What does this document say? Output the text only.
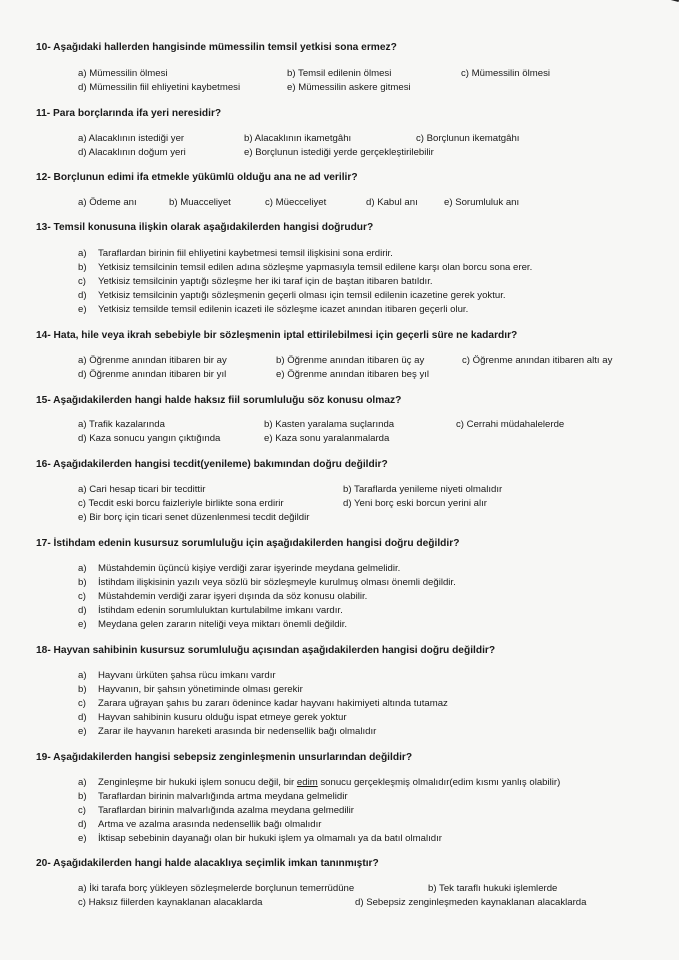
10- Aşağıdaki hallerden hangisinde mümessilin temsil yetkisi sona ermez?
a) Mümessilin ölmesi	b) Temsil edilenin ölmesi	c) Mümessilin ölmesi
d) Mümessilin fiil ehliyetini kaybetmesi	e) Mümessilin askere gitmesi
11- Para borçlarında ifa yeri neresidir?
a) Alacaklının istediği yer	b) Alacaklının ikametgâhı	c) Borçlunun ikematgâhı
d) Alacaklının doğum yeri	e) Borçlunun istediği yerde gerçekleştirilebilir
12- Borçlunun edimi ifa etmekle yükümlü olduğu ana ne ad verilir?
a) Ödeme anı	b) Muacceliyet	c) Müecceliyet	d) Kabul anı	e) Sorumluluk anı
13- Temsil konusuna ilişkin olarak aşağıdakilerden hangisi doğrudur?
a) Taraflardan birinin fiil ehliyetini kaybetmesi temsil ilişkisini sona erdirir.
b) Yetkisiz temsilcinin temsil edilen adına sözleşme yapmasıyla temsil edilene karşı olan borcu sona erer.
c) Yetkisiz temsilcinin yaptığı sözleşme her iki taraf için de baştan itibaren batıldır.
d) Yetkisiz temsilcinin yaptığı sözleşmenin geçerli olması için temsil edilenin icazetine gerek yoktur.
e) Yetkisiz temsilde temsil edilenin icazeti ile sözleşme icazet anından itibaren geçerli olur.
14- Hata, hile veya ikrah sebebiyle bir sözleşmenin iptal ettirilebilmesi için geçerli süre ne kadardır?
a) Öğrenme anından itibaren bir ay	b) Öğrenme anından itibaren üç ay	c) Öğrenme anından itibaren altı ay
d) Öğrenme anından itibaren bir yıl	e) Öğrenme anından itibaren beş yıl
15- Aşağıdakilerden hangi halde haksız fiil sorumluluğu söz konusu olmaz?
a) Trafik kazalarında	b) Kasten yaralama suçlarında	c) Cerrahi müdahalelerde
d) Kaza sonucu yangın çıktığında	e) Kaza sonu yaralanmalarda
16- Aşağıdakilerden hangisi tecdit(yenileme) bakımından doğru değildir?
a) Cari hesap ticari bir tecdittir	b) Taraflarda yenileme niyeti olmalıdır
c) Tecdit eski borcu faizleriyle birlikte sona erdirir	d) Yeni borç eski borcun yerini alır
e) Bir borç için ticari senet düzenlenmesi tecdit değildir
17- İstihdam edenin kusursuz sorumluluğu için aşağıdakilerden hangisi doğru değildir?
a) Müstahdemin üçüncü kişiye verdiği zarar işyerinde meydana gelmelidir.
b) İstihdam ilişkisinin yazılı veya sözlü bir sözleşmeyle kurulmuş olması önemli değildir.
c) Müstahdemin verdiği zarar işyeri dışında da söz konusu olabilir.
d) İstihdam edenin sorumluluktan kurtulabilme imkanı vardır.
e) Meydana gelen zararın niteliği veya miktarı önemli değildir.
18- Hayvan sahibinin kusursuz sorumluluğu açısından aşağıdakilerden hangisi doğru değildir?
a) Hayvanı ürküten şahsa rücu imkanı vardır
b) Hayvanın, bir şahsın yönetiminde olması gerekir
c) Zarara uğrayan şahıs bu zararı ödenince kadar hayvanı hakimiyeti altında tutamaz
d) Hayvan sahibinin kusuru olduğu ispat etmeye gerek yoktur
e) Zarar ile hayvanın hareketi arasında bir nedensellik bağı olmalıdır
19- Aşağıdakilerden hangisi sebepsiz zenginleşmenin unsurlarından değildir?
a) Zenginleşme bir hukuki işlem sonucu değil, bir edim sonucu gerçekleşmiş olmalıdır(edim kısmı yanlış olabilir)
b) Taraflardan birinin malvarlığında artma meydana gelmelidir
c) Taraflardan birinin malvarlığında azalma meydana gelmedilir
d) Artma ve azalma arasında nedensellik bağı olmalıdır
e) İktisap sebebinin dayanağı olan bir hukuki işlem ya olmamalı ya da batıl olmalıdır
20- Aşağıdakilerden hangi halde alacaklıya seçimlik imkan tanınmıştır?
a) İki tarafa borç yükleyen sözleşmelerde borçlunun temerrüdüne	b) Tek taraflı hukuki işlemlerde
c) Haksız fiilerden kaynaklanan alacaklarda	d) Sebepsiz zenginleşmeden kaynaklanan alacaklarda
